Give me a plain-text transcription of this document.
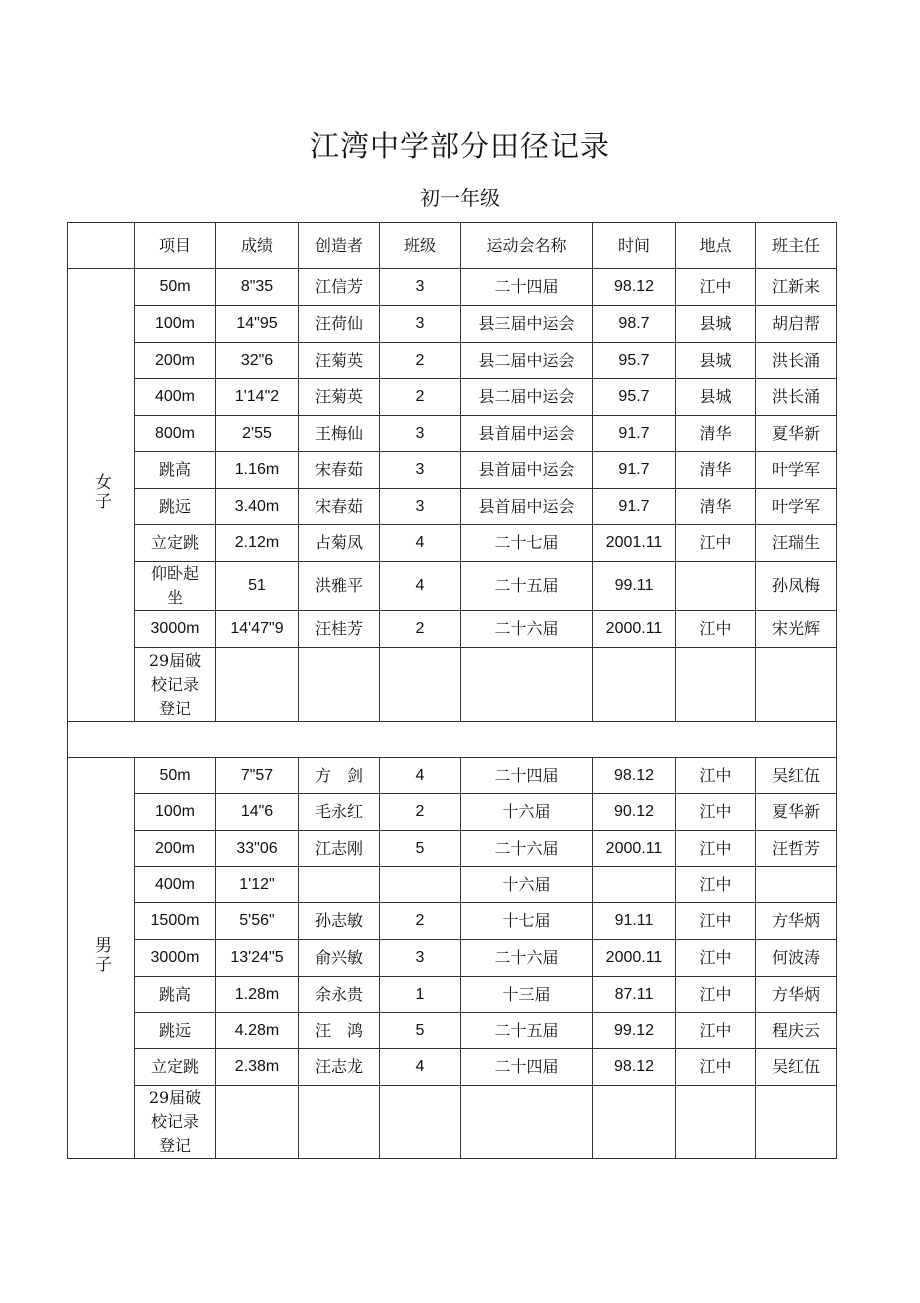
江湾中学部分田径记录
初一年级
	项目	成绩	创造者	班级	运动会名称	时间	地点	班主任
女子	50m	8"35	江信芳	3	二十四届	98.12	江中	江新来
	100m	14"95	汪荷仙	3	县三届中运会	98.7	县城	胡启帮
	200m	32"6	汪菊英	2	县二届中运会	95.7	县城	洪长涌
	400m	1'14"2	汪菊英	2	县二届中运会	95.7	县城	洪长涌
	800m	2'55	王梅仙	3	县首届中运会	91.7	清华	夏华新
	跳高	1.16m	宋春茹	3	县首届中运会	91.7	清华	叶学军
	跳远	3.40m	宋春茹	3	县首届中运会	91.7	清华	叶学军
	立定跳	2.12m	占菊凤	4	二十七届	2001.11	江中	汪瑞生

	仰卧起
坐	51	洪雅平	4	二十五届	99.11		孙凤梅
	3000m	14'47"9	汪桂芳	2	二十六届	2000.11	江中	宋光辉

	29届破
校记录
登记							

男子	50m	7"57	方　剑	4	二十四届	98.12	江中	吴红伍
	100m	14"6	毛永红	2	十六届	90.12	江中	夏华新
	200m	33"06	江志刚	5	二十六届	2000.11	江中	汪哲芳
	400m	1'12"			十六届		江中	
	1500m	5'56"	孙志敏	2	十七届	91.11	江中	方华炳
	3000m	13'24"5	俞兴敏	3	二十六届	2000.11	江中	何波涛
	跳高	1.28m	余永贵	1	十三届	87.11	江中	方华炳
	跳远	4.28m	汪　鸿	5	二十五届	99.12	江中	程庆云
	立定跳	2.38m	汪志龙	4	二十四届	98.12	江中	吴红伍

	29届破
校记录
登记							
